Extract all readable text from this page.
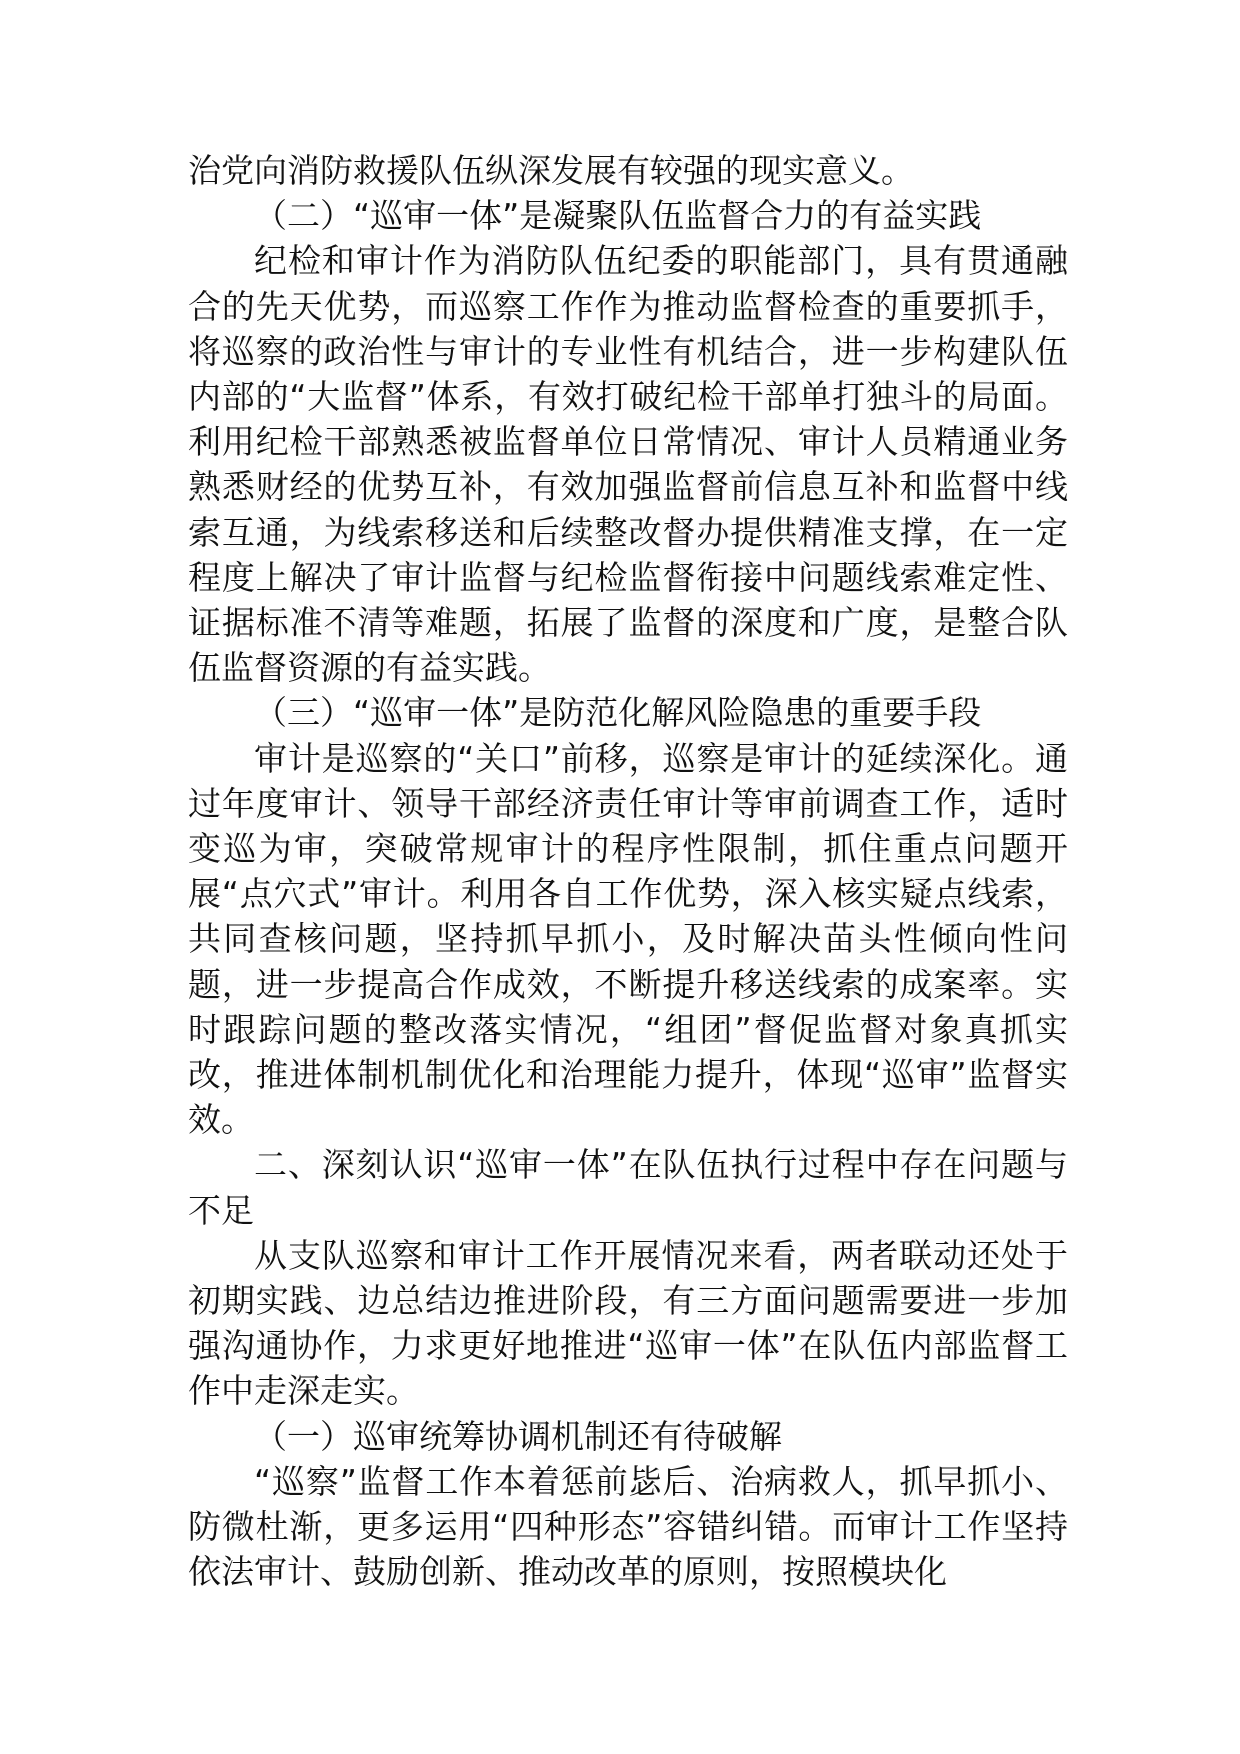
治党向消防救援队伍纵深发展有较强的现实意义。

（二）“巡审一体”是凝聚队伍监督合力的有益实践

纪检和审计作为消防队伍纪委的职能部门，具有贯通融合的先天优势，而巡察工作作为推动监督检查的重要抓手，将巡察的政治性与审计的专业性有机结合，进一步构建队伍内部的“大监督”体系，有效打破纪检干部单打独斗的局面。利用纪检干部熟悉被监督单位日常情况、审计人员精通业务熟悉财经的优势互补，有效加强监督前信息互补和监督中线索互通，为线索移送和后续整改督办提供精准支撑，在一定程度上解决了审计监督与纪检监督衔接中问题线索难定性、证据标准不清等难题，拓展了监督的深度和广度，是整合队伍监督资源的有益实践。

（三）“巡审一体”是防范化解风险隐患的重要手段

审计是巡察的“关口”前移，巡察是审计的延续深化。通过年度审计、领导干部经济责任审计等审前调查工作，适时变巡为审，突破常规审计的程序性限制，抓住重点问题开展“点穴式”审计。利用各自工作优势，深入核实疑点线索，共同查核问题，坚持抓早抓小，及时解决苗头性倾向性问题，进一步提高合作成效，不断提升移送线索的成案率。实时跟踪问题的整改落实情况，“组团”督促监督对象真抓实改，推进体制机制优化和治理能力提升，体现“巡审”监督实效。

二、深刻认识“巡审一体”在队伍执行过程中存在问题与不足

从支队巡察和审计工作开展情况来看，两者联动还处于初期实践、边总结边推进阶段，有三方面问题需要进一步加强沟通协作，力求更好地推进“巡审一体”在队伍内部监督工作中走深走实。

（一）巡审统筹协调机制还有待破解

“巡察”监督工作本着惩前毖后、治病救人，抓早抓小、防微杜渐，更多运用“四种形态”容错纠错。而审计工作坚持依法审计、鼓励创新、推动改革的原则，按照模块化
